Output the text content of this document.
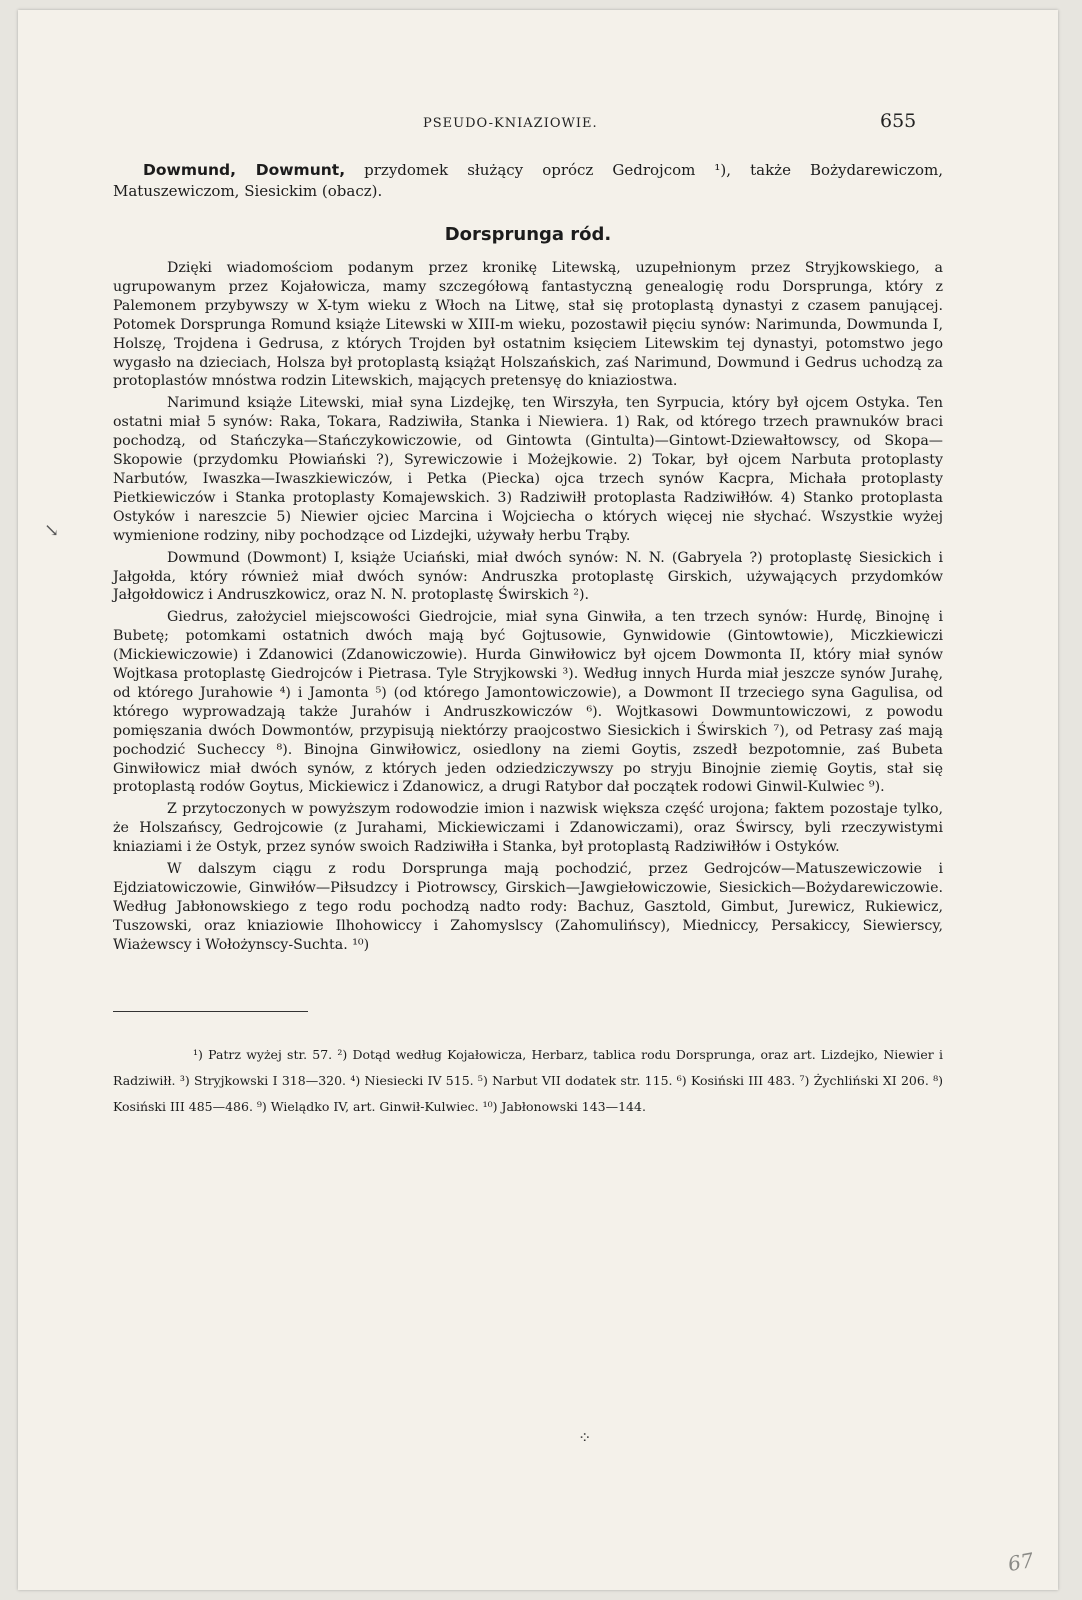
PSEUDO-KNIAZIOWIE.	655
↘

Dowmund, Dowmunt, przydomek służący oprócz Gedrojcom ¹), także Bożydarewiczom, Matuszewiczom, Siesickim (obacz).

Dorsprunga ród.

Dzięki wiadomościom podanym przez kronikę Litewską, uzupełnionym przez Stryjkowskiego, a ugrupowanym przez Kojałowicza, mamy szczegółową fantastyczną genealogię rodu Dorsprunga, który z Palemonem przybywszy w X-tym wieku z Włoch na Litwę, stał się protoplastą dynastyi z czasem panującej. Potomek Dorsprunga Romund książe Litewski w XIII-m wieku, pozostawił pięciu synów: Narimunda, Dowmunda I, Holszę, Trojdena i Gedrusa, z których Trojden był ostatnim księciem Litewskim tej dynastyi, potomstwo jego wygasło na dzieciach, Holsza był protoplastą książąt Holszańskich, zaś Narimund, Dowmund i Gedrus uchodzą za protoplastów mnóstwa rodzin Litewskich, mających pretensyę do kniaziostwa.

Narimund książe Litewski, miał syna Lizdejkę, ten Wirszyła, ten Syrpucia, który był ojcem Ostyka. Ten ostatni miał 5 synów: Raka, Tokara, Radziwiła, Stanka i Niewiera. 1) Rak, od którego trzech prawnuków braci pochodzą, od Stańczyka—Stańczykowiczowie, od Gintowta (Gintulta)—Gintowt-Dziewałtowscy, od Skopa—Skopowie (przydomku Płowiański ?), Syrewiczowie i Możejkowie. 2) Tokar, był ojcem Narbuta protoplasty Narbutów, Iwaszka—Iwaszkiewiczów, i Petka (Piecka) ojca trzech synów Kacpra, Michała protoplasty Pietkiewiczów i Stanka protoplasty Komajewskich. 3) Radziwiłł protoplasta Radziwiłłów. 4) Stanko protoplasta Ostyków i nareszcie 5) Niewier ojciec Marcina i Wojciecha o których więcej nie słychać. Wszystkie wyżej wymienione rodziny, niby pochodzące od Lizdejki, używały herbu Trąby.

Dowmund (Dowmont) I, książe Uciański, miał dwóch synów: N. N. (Gabryela ?) protoplastę Siesickich i Jałgołda, który również miał dwóch synów: Andruszka protoplastę Girskich, używających przydomków Jałgołdowicz i Andruszkowicz, oraz N. N. protoplastę Świrskich ²).

Giedrus, założyciel miejscowości Giedrojcie, miał syna Ginwiła, a ten trzech synów: Hurdę, Binojnę i Bubetę; potomkami ostatnich dwóch mają być Gojtusowie, Gynwidowie (Gintowtowie), Miczkiewiczi (Mickiewiczowie) i Zdanowici (Zdanowiczowie). Hurda Ginwiłowicz był ojcem Dowmonta II, który miał synów Wojtkasa protoplastę Giedrojców i Pietrasa. Tyle Stryjkowski ³). Według innych Hurda miał jeszcze synów Jurahę, od którego Jurahowie ⁴) i Jamonta ⁵) (od którego Jamontowiczowie), a Dowmont II trzeciego syna Gagulisa, od którego wyprowadzają także Jurahów i Andruszkowiczów ⁶). Wojtkasowi Dowmuntowiczowi, z powodu pomięszania dwóch Dowmontów, przypisują niektórzy praojcostwo Siesickich i Świrskich ⁷), od Petrasy zaś mają pochodzić Sucheccy ⁸). Binojna Ginwiłowicz, osiedlony na ziemi Goytis, zszedł bezpotomnie, zaś Bubeta Ginwiłowicz miał dwóch synów, z których jeden odziedziczywszy po stryju Binojnie ziemię Goytis, stał się protoplastą rodów Goytus, Mickiewicz i Zdanowicz, a drugi Ratybor dał początek rodowi Ginwil-Kulwiec ⁹).

Z przytoczonych w powyższym rodowodzie imion i nazwisk większa część urojona; faktem pozostaje tylko, że Holszańscy, Gedrojcowie (z Jurahami, Mickiewiczami i Zdanowiczami), oraz Świrscy, byli rzeczywistymi kniaziami i że Ostyk, przez synów swoich Radziwiłła i Stanka, był protoplastą Radziwiłłów i Ostyków.

W dalszym ciągu z rodu Dorsprunga mają pochodzić, przez Gedrojców—Matuszewiczowie i Ejdziatowiczowie, Ginwiłów—Piłsudzcy i Piotrowscy, Girskich—Jawgiełowiczowie, Siesickich—Bożydarewiczowie. Według Jabłonowskiego z tego rodu pochodzą nadto rody: Bachuz, Gasztold, Gimbut, Jurewicz, Rukiewicz, Tuszowski, oraz kniaziowie Ilhohowiccy i Zahomyslscy (Zahomulińscy), Miedniccy, Persakiccy, Siewierscy, Wiażewscy i Wołożynscy-Suchta. ¹⁰)

¹) Patrz wyżej str. 57. ²) Dotąd według Kojałowicza, Herbarz, tablica rodu Dorsprunga, oraz art. Lizdejko, Niewier i Radziwiłł. ³) Stryjkowski I 318—320. ⁴) Niesiecki IV 515. ⁵) Narbut VII dodatek str. 115. ⁶) Kosiński III 483. ⁷) Żychliński XI 206. ⁸) Kosiński III 485—486. ⁹) Wielądko IV, art. Ginwił-Kulwiec. ¹⁰) Jabłonowski 143—144.

⁘
67
